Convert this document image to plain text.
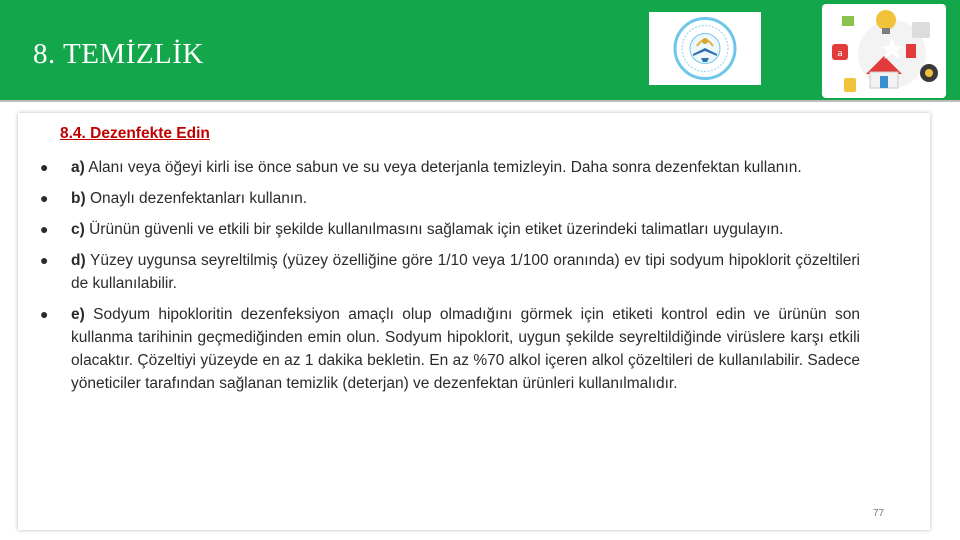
8. TEMİZLİK	a
8.4. Dezenfekte Edin
● a) Alanı veya öğeyi kirli ise önce sabun ve su veya deterjanla temizleyin. Daha sonra dezenfektan kullanın.
● b) Onaylı dezenfektanları kullanın.
● c) Ürünün güvenli ve etkili bir şekilde kullanılmasını sağlamak için etiket üzerindeki talimatları uygulayın.
● d) Yüzey uygunsa seyreltilmiş (yüzey özelliğine göre 1/10 veya 1/100 oranında) ev tipi sodyum hipoklorit çözeltileri de kullanılabilir.
● e) Sodyum hipokloritin dezenfeksiyon amaçlı olup olmadığını görmek için etiketi kontrol edin ve ürünün son kullanma tarihinin geçmediğinden emin olun. Sodyum hipoklorit, uygun şekilde seyreltildiğinde virüslere karşı etkili olacaktır. Çözeltiyi yüzeyde en az 1 dakika bekletin. En az %70 alkol içeren alkol çözeltileri de kullanılabilir. Sadece yöneticiler tarafından sağlanan temizlik (deterjan) ve dezenfektan ürünleri kullanılmalıdır.
77
